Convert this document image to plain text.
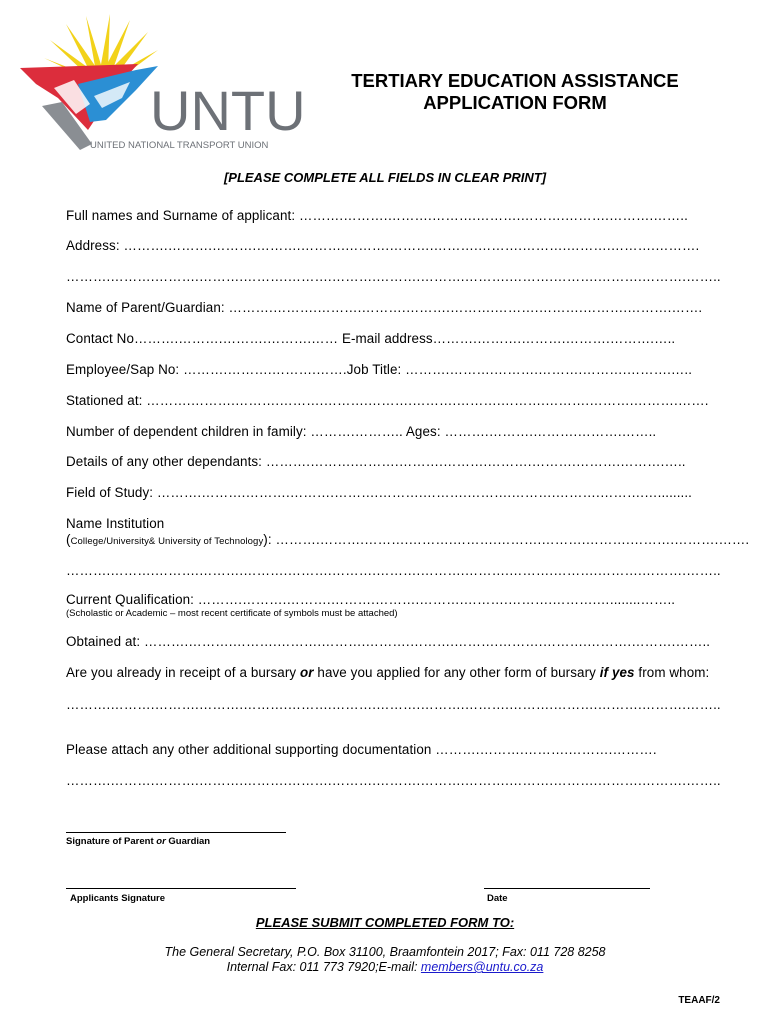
UNTU
UNITED NATIONAL TRANSPORT UNION
TERTIARY EDUCATION ASSISTANCE
APPLICATION FORM
[PLEASE COMPLETE ALL FIELDS IN CLEAR PRINT]
Full names and Surname of applicant: ……….……….……….……….……….……….……….……….……..
Address: ……….……….……….……….……….……….……….……….……….……….……….……….……….
……….……….……….……….……….……….……….……….……….……….……….……….……….……….……..
Name of Parent/Guardian: ……….……….……….……….……….……….……….……….……….……….…….
Contact No……….……….……….……….…… E-mail address……….……….……….……….……….…..
Employee/Sap No: ……….……….……….…….Job Title: ……….……….……….……….……….……….…..
Stationed at: ……….……….……….……….……….……….……….……….……….……….……….……….…….
Number of dependent children in family: ……….……….. Ages: ……….……….……….……….……..
Details of any other dependants: ……….……….……….……….……….……….……….……….……….…..
Field of Study: ……….……….……….……….……….……….……….……….……….……….……….….........
Name Institution
(College/University& University of Technology): ……….……….……….……….……….……….……….……….……….……….…….
……….……….……….……….……….……….……….……….……….……….……….……….……….……….……..
Current Qualification: ……….……….……….……….……….……….……….……….……….…........……..
(Scholastic or Academic – most recent certificate of symbols must be attached)
Obtained at: ……….……….……….……….……….……….……….……….……….……….……….……….……..
Are you already in receipt of a bursary or have you applied for any other form of bursary if yes from whom:
……….……….……….……….……….……….……….……….……….……….……….……….……….……….……..
Please attach any other additional supporting documentation ……….……….……….……….……….
……….……….……….……….……….……….……….……….……….……….……….……….……….……….……..
Signature of Parent or Guardian
Applicants Signature	Date
PLEASE SUBMIT COMPLETED FORM TO:
The General Secretary, P.O. Box 31100, Braamfontein 2017; Fax: 011 728 8258
Internal Fax: 011 773 7920;E-mail: members@untu.co.za
TEAAF/2
